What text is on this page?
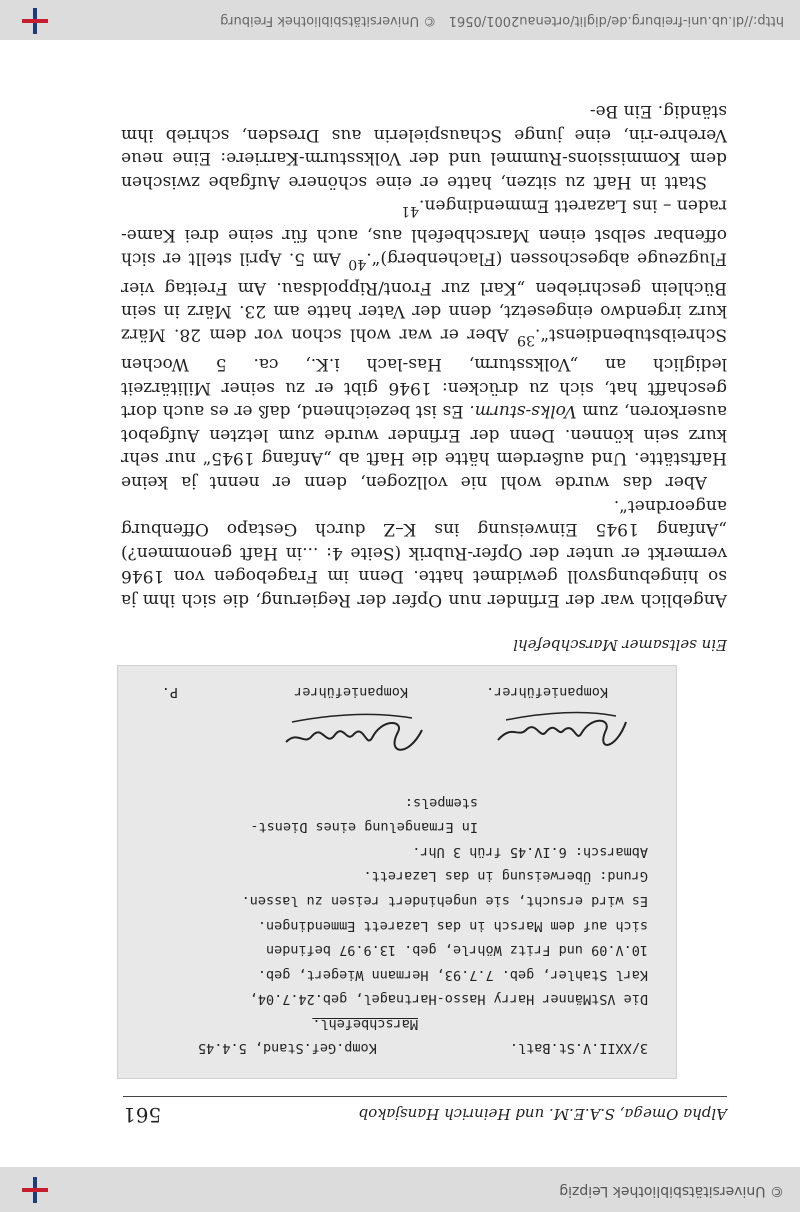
© Universitätsbibliothek Leipzig
Alpha Omega, S.A.E.M. und Heinrich Hansjakob
561
3/XXII.V.St.Batl.
Komp.Gef.Stand, 5.4.45
Marschbefehl.
Die VStMänner Harry Hasso-Hartnagel, geb.24.7.04,
Karl Stahler, geb. 7.7.93, Hermann Wiegert, geb.
10.V.09 und Fritz Wöhrle, geb. 13.9.97 befinden
sich auf dem Marsch in das Lazarett Emmendingen.
Es wird ersucht, sie ungehindert reisen zu lassen.
Grund: Überweisung in das Lazarett.
Abmarsch: 6.IV.45 früh 3 Uhr.
In Ermangelung eines Dienst-
stempels:
Kompanieführer.
Kompanieführer
P.
Ein seltsamer Marschbefehl

Angeblich war der Erfinder nun Opfer der Regierung, die sich ihm ja so hingebungsvoll gewidmet hatte. Denn im Fragebogen von 1946 vermerkt er unter der Opfer-Rubrik (Seite 4: ...in Haft genommen?) „Anfang 1945 Einweisung ins K–Z durch Gestapo Offenburg angeordnet“.

Aber das wurde wohl nie vollzogen, denn er nennt ja keine Haftstätte. Und außerdem hätte die Haft ab „Anfang 1945“ nur sehr kurz sein können. Denn der Erfinder wurde zum letzten Aufgebot auserkoren, zum Volks-sturm. Es ist bezeichnend, daß er es auch dort geschafft hat, sich zu drücken: 1946 gibt er zu seiner Militärzeit lediglich an „Volkssturm, Has-lach i.K., ca. 5 Wochen Schreibstubendienst“.$^{39}$ Aber er war wohl schon vor dem 28. März kurz irgendwo eingesetzt, denn der Vater hatte am 23. März in sein Büchlein geschrieben „Karl zur Front/Rippoldsau. Am Freitag vier Flugzeuge abgeschossen (Flachenberg)“.$^{40}$ Am 5. April stellt er sich offenbar selbst einen Marschbefehl aus, auch für seine drei Kame-raden – ins Lazarett Emmendingen.$^{41}$

Statt in Haft zu sitzen, hatte er eine schönere Aufgabe zwischen dem Kommissions-Rummel und der Volkssturm-Karriere: Eine neue Verehre-rin, eine junge Schauspielerin aus Dresden, schrieb ihm ständig. Ein Be-

http://dl.ub.uni-freiburg.de/diglit/ortenau2001/0561   © Universitätsbibliothek Freiburg
